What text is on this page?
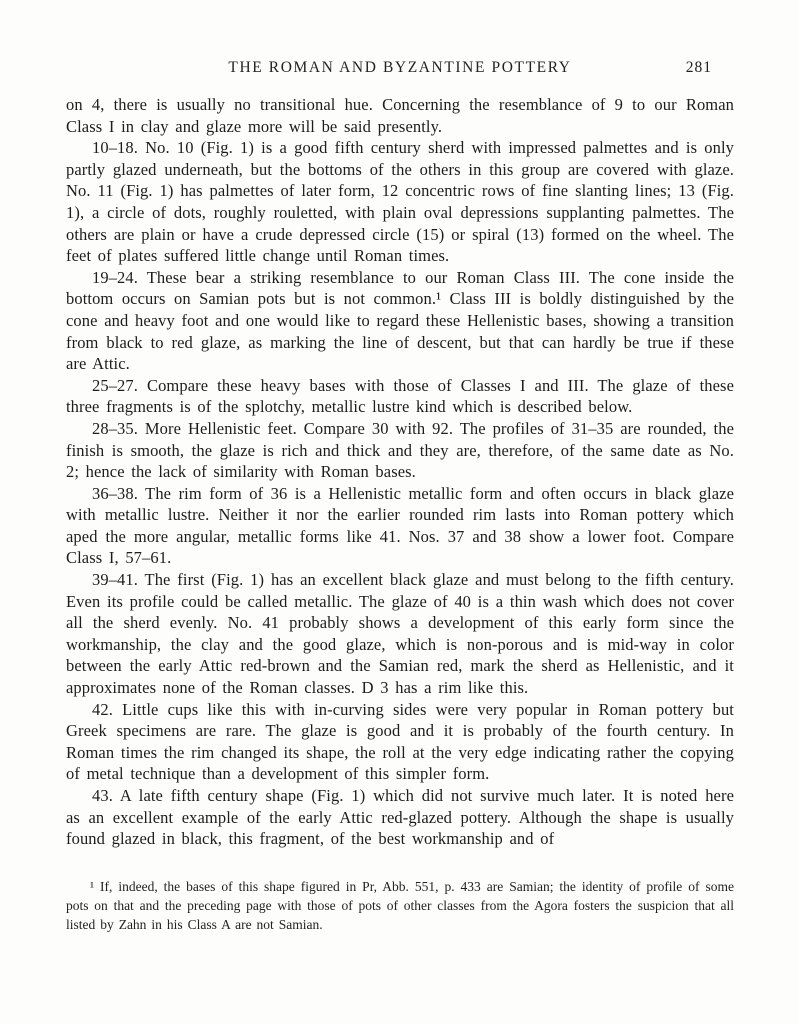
THE ROMAN AND BYZANTINE POTTERY	281

on 4, there is usually no transitional hue. Concerning the resemblance of 9 to our Roman Class I in clay and glaze more will be said presently.

10–18. No. 10 (Fig. 1) is a good fifth century sherd with impressed palmettes and is only partly glazed underneath, but the bottoms of the others in this group are covered with glaze. No. 11 (Fig. 1) has palmettes of later form, 12 concentric rows of fine slanting lines; 13 (Fig. 1), a circle of dots, roughly rouletted, with plain oval depressions supplanting palmettes. The others are plain or have a crude depressed circle (15) or spiral (13) formed on the wheel. The feet of plates suffered little change until Roman times.

19–24. These bear a striking resemblance to our Roman Class III. The cone inside the bottom occurs on Samian pots but is not common.¹ Class III is boldly distinguished by the cone and heavy foot and one would like to regard these Hellenistic bases, showing a transition from black to red glaze, as marking the line of descent, but that can hardly be true if these are Attic.

25–27. Compare these heavy bases with those of Classes I and III. The glaze of these three fragments is of the splotchy, metallic lustre kind which is described below.

28–35. More Hellenistic feet. Compare 30 with 92. The profiles of 31–35 are rounded, the finish is smooth, the glaze is rich and thick and they are, therefore, of the same date as No. 2; hence the lack of similarity with Roman bases.

36–38. The rim form of 36 is a Hellenistic metallic form and often occurs in black glaze with metallic lustre. Neither it nor the earlier rounded rim lasts into Roman pottery which aped the more angular, metallic forms like 41. Nos. 37 and 38 show a lower foot. Compare Class I, 57–61.

39–41. The first (Fig. 1) has an excellent black glaze and must belong to the fifth century. Even its profile could be called metallic. The glaze of 40 is a thin wash which does not cover all the sherd evenly. No. 41 probably shows a development of this early form since the workmanship, the clay and the good glaze, which is non-porous and is mid-way in color between the early Attic red-brown and the Samian red, mark the sherd as Hellenistic, and it approximates none of the Roman classes. D 3 has a rim like this.

42. Little cups like this with in-curving sides were very popular in Roman pottery but Greek specimens are rare. The glaze is good and it is probably of the fourth century. In Roman times the rim changed its shape, the roll at the very edge indicating rather the copying of metal technique than a development of this simpler form.

43. A late fifth century shape (Fig. 1) which did not survive much later. It is noted here as an excellent example of the early Attic red-glazed pottery. Although the shape is usually found glazed in black, this fragment, of the best workmanship and of

¹ If, indeed, the bases of this shape figured in Pr, Abb. 551, p. 433 are Samian; the identity of profile of some pots on that and the preceding page with those of pots of other classes from the Agora fosters the suspicion that all listed by Zahn in his Class A are not Samian.
